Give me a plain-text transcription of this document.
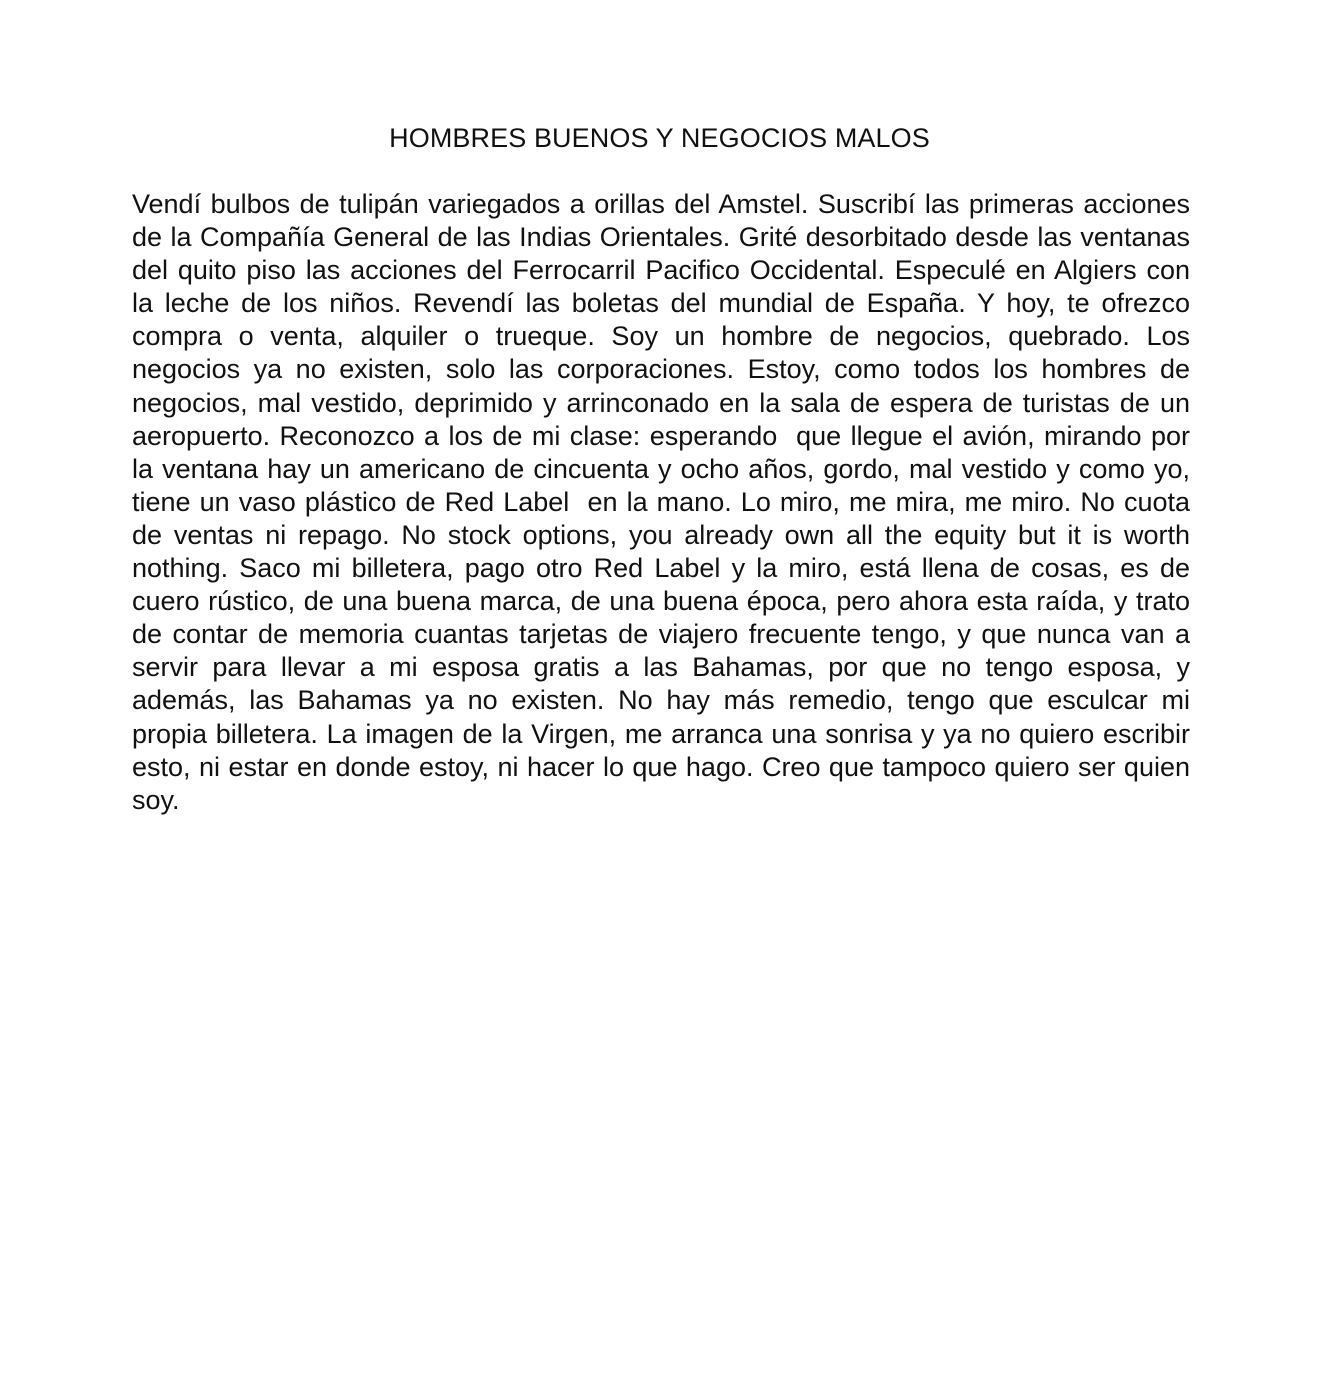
HOMBRES BUENOS Y NEGOCIOS MALOS
Vendí bulbos de tulipán variegados a orillas del Amstel. Suscribí las primeras acciones de la Compañía General de las Indias Orientales. Grité desorbitado desde las ventanas del quito piso las acciones del Ferrocarril Pacifico Occidental. Especulé en Algiers con la leche de los niños. Revendí las boletas del mundial de España. Y hoy, te ofrezco compra o venta, alquiler o trueque. Soy un hombre de negocios, quebrado. Los negocios ya no existen, solo las corporaciones. Estoy, como todos los hombres de negocios, mal vestido, deprimido y arrinconado en la sala de espera de turistas de un aeropuerto. Reconozco a los de mi clase: esperando  que llegue el avión, mirando por la ventana hay un americano de cincuenta y ocho años, gordo, mal vestido y como yo, tiene un vaso plástico de Red Label  en la mano. Lo miro, me mira, me miro. No cuota de ventas ni repago. No stock options, you already own all the equity but it is worth nothing. Saco mi billetera, pago otro Red Label y la miro, está llena de cosas, es de cuero rústico, de una buena marca, de una buena época, pero ahora esta raída, y trato de contar de memoria cuantas tarjetas de viajero frecuente tengo, y que nunca van a servir para llevar a mi esposa gratis a las Bahamas, por que no tengo esposa, y además, las Bahamas ya no existen. No hay más remedio, tengo que esculcar mi propia billetera. La imagen de la Virgen, me arranca una sonrisa y ya no quiero escribir esto, ni estar en donde estoy, ni hacer lo que hago. Creo que tampoco quiero ser quien soy.
